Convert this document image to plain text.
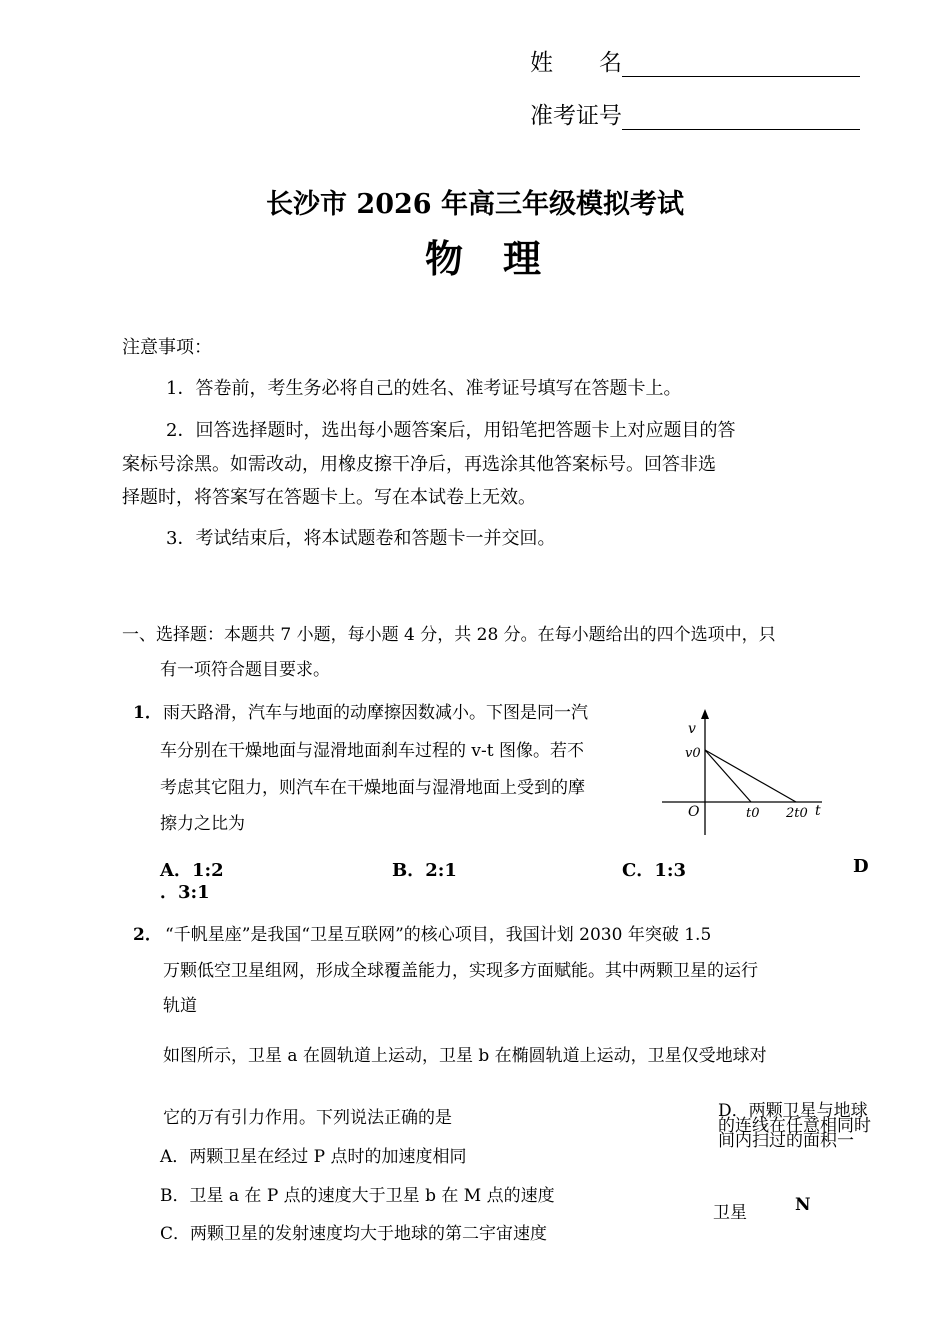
姓　　名
准考证号
长沙市 2026 年高三年级模拟考试
物理
注意事项：
1．答卷前，考生务必将自己的姓名、准考证号填写在答题卡上。
2．回答选择题时，选出每小题答案后，用铅笔把答题卡上对应题目的答
案标号涂黑。如需改动，用橡皮擦干净后，再选涂其他答案标号。回答非选
择题时，将答案写在答题卡上。写在本试卷上无效。
3．考试结束后，将本试题卷和答题卡一并交回。
一、选择题：本题共 7 小题，每小题 4 分，共 28 分。在每小题给出的四个选项中，只
有一项符合题目要求。
1． 雨天路滑，汽车与地面的动摩擦因数减小。下图是同一汽
车分别在干燥地面与湿滑地面刹车过程的 v-t 图像。若不
考虑其它阻力，则汽车在干燥地面与湿滑地面上受到的摩
擦力之比为
v
t
O
v0
t0 2t0
A．1:2	B．2:1	C．1:3	D
．3:1
2． “千帆星座”是我国“卫星互联网”的核心项目，我国计划 2030 年突破 1.5
万颗低空卫星组网，形成全球覆盖能力，实现多方面赋能。其中两颗卫星的运行
轨道
如图所示，卫星 a 在圆轨道上运动，卫星 b 在椭圆轨道上运动，卫星仅受地球对
它的万有引力作用。下列说法正确的是
A．两颗卫星在经过 P 点时的加速度相同
B．卫星 a 在 P 点的速度大于卫星 b 在 M 点的速度
C．两颗卫星的发射速度均大于地球的第二宇宙速度
D．两颗卫星与地球的连线在任意相同时间内扫过的面积一
卫星	N
